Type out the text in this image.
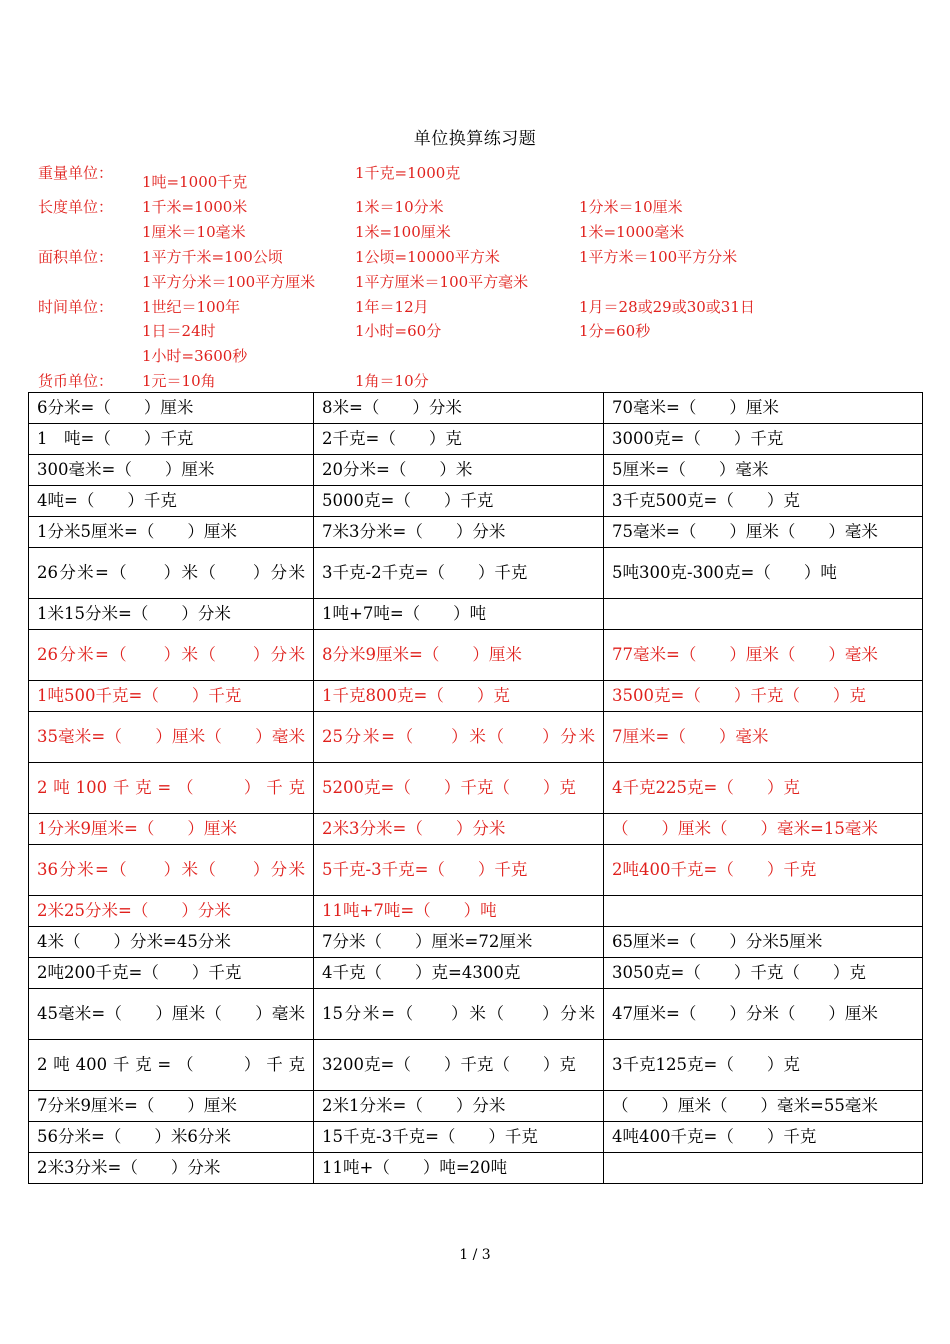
单位换算练习题
重量单位： 1吨=1000千克	1千克=1000克
长度单位： 1千米=1000米	1米＝10分米	1分米＝10厘米
1厘米＝10毫米	1米=100厘米	1米=1000毫米
面积单位： 1平方千米=100公顷	1公顷=10000平方米	1平方米＝100平方分米
1平方分米＝100平方厘米	1平方厘米＝100平方毫米
时间单位： 1世纪＝100年	1年＝12月	1月＝28或29或30或31日
1日＝24时	1小时=60分	1分=60秒
1小时=3600秒
货币单位： 1元＝10角	1角＝10分
6分米=（　　）厘米	8米=（　　）分米	70毫米=（　　）厘米
1　吨=（　　）千克	2千克=（　　）克	3000克=（　　）千克
300毫米=（　　）厘米	20分米=（　　）米	5厘米=（　　）毫米
4吨=（　　）千克	5000克=（　　）千克	3千克500克=（　　）克
1分米5厘米=（　　）厘米	7米3分米=（　　）分米	75毫米=（　　）厘米（　　）毫米
26分米=（　　）米（　　）分米	3千克-2千克=（　　）千克	5吨300克-300克=（　　）吨
1米15分米=（　　）分米	1吨+7吨=（　　）吨	
26分米=（　　）米（　　）分米	8分米9厘米=（　　）厘米	77毫米=（　　）厘米（　　）毫米
1吨500千克=（　　）千克	1千克800克=（　　）克	3500克=（　　）千克（　　）克
35毫米=（　　）厘米（　　）毫米	25分米=（　　）米（　　）分米	7厘米=（　　）毫米
2吨100千克=（　　）千克	5200克=（　　）千克（　　）克	4千克225克=（　　）克
1分米9厘米=（　　）厘米	2米3分米=（　　）分米	（　　）厘米（　　）毫米=15毫米
36分米=（　　）米（　　）分米	5千克-3千克=（　　）千克	2吨400千克=（　　）千克
2米25分米=（　　）分米	11吨+7吨=（　　）吨	
4米（　　）分米=45分米	7分米（　　）厘米=72厘米	65厘米=（　　）分米5厘米
2吨200千克=（　　）千克	4千克（　　）克=4300克	3050克=（　　）千克（　　）克
45毫米=（　　）厘米（　　）毫米	15分米=（　　）米（　　）分米	47厘米=（　　）分米（　　）厘米
2吨400千克=（　　）千克	3200克=（　　）千克（　　）克	3千克125克=（　　）克
7分米9厘米=（　　）厘米	2米1分米=（　　）分米	（　　）厘米（　　）毫米=55毫米
56分米=（　　）米6分米	15千克-3千克=（　　）千克	4吨400千克=（　　）千克
2米3分米=（　　）分米	11吨+（　　）吨=20吨	
1 / 3
